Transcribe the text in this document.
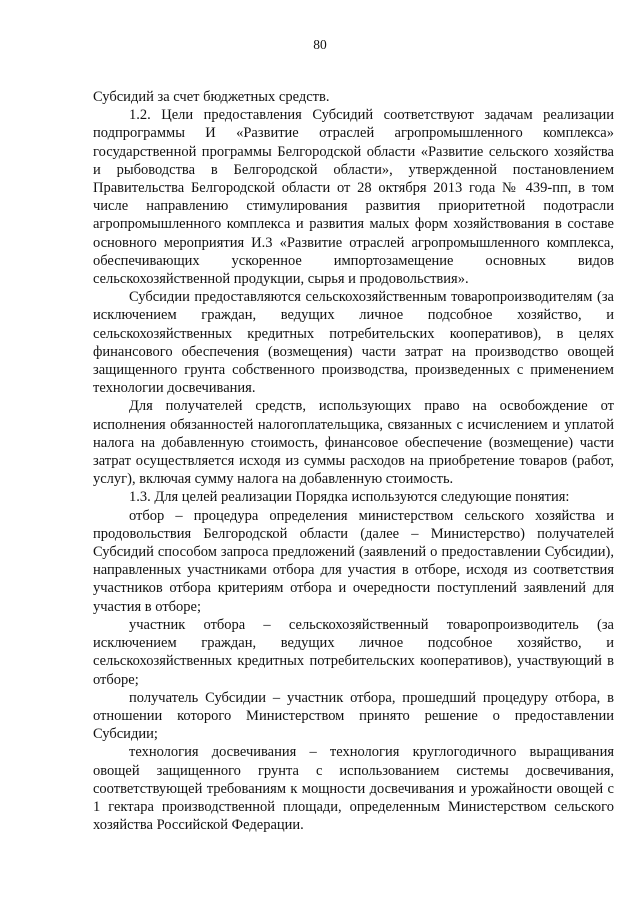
80

Субсидий за счет бюджетных средств.

1.2. Цели предоставления Субсидий соответствуют задачам реализации подпрограммы И «Развитие отраслей агропромышленного комплекса» государственной программы Белгородской области «Развитие сельского хозяйства и рыбоводства в Белгородской области», утвержденной постановлением Правительства Белгородской области от 28 октября 2013 года № 439-пп, в том числе направлению стимулирования развития приоритетной подотрасли агропромышленного комплекса и развития малых форм хозяйствования в составе основного мероприятия И.3 «Развитие отраслей агропромышленного комплекса, обеспечивающих ускоренное импортозамещение основных видов сельскохозяйственной продукции, сырья и продовольствия».

Субсидии предоставляются сельскохозяйственным товаропроизводителям (за исключением граждан, ведущих личное подсобное хозяйство, и сельскохозяйственных кредитных потребительских кооперативов), в целях финансового обеспечения (возмещения) части затрат на производство овощей защищенного грунта собственного производства, произведенных с применением технологии досвечивания.

Для получателей средств, использующих право на освобождение от исполнения обязанностей налогоплательщика, связанных с исчислением и уплатой налога на добавленную стоимость, финансовое обеспечение (возмещение) части затрат осуществляется исходя из суммы расходов на приобретение товаров (работ, услуг), включая сумму налога на добавленную стоимость.

1.3. Для целей реализации Порядка используются следующие понятия:

отбор – процедура определения министерством сельского хозяйства и продовольствия Белгородской области (далее – Министерство) получателей Субсидий способом запроса предложений (заявлений о предоставлении Субсидии), направленных участниками отбора для участия в отборе, исходя из соответствия участников отбора критериям отбора и очередности поступлений заявлений для участия в отборе;

участник отбора – сельскохозяйственный товаропроизводитель (за исключением граждан, ведущих личное подсобное хозяйство, и сельскохозяйственных кредитных потребительских кооперативов), участвующий в отборе;

получатель Субсидии – участник отбора, прошедший процедуру отбора, в отношении которого Министерством принято решение о предоставлении Субсидии;

технология досвечивания – технология круглогодичного выращивания овощей защищенного грунта с использованием системы досвечивания, соответствующей требованиям к мощности досвечивания и урожайности овощей с 1 гектара производственной площади, определенным Министерством сельского хозяйства Российской Федерации.
